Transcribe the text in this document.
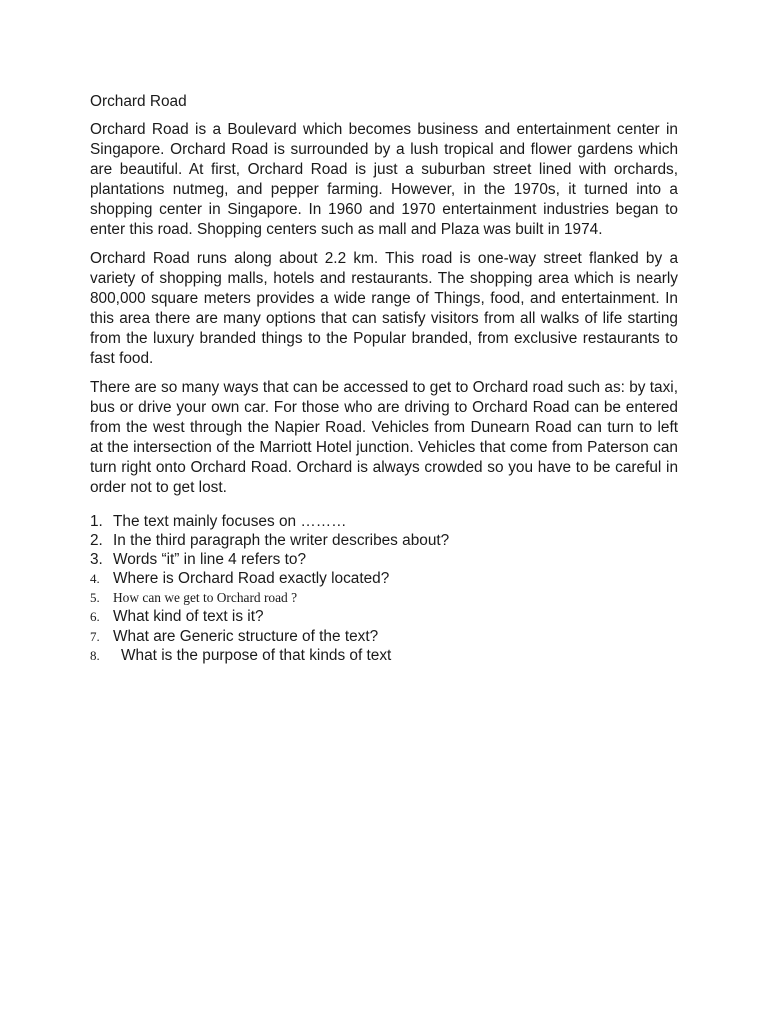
Orchard Road

Orchard Road is a Boulevard which becomes business and entertainment center in Singapore. Orchard Road is surrounded by a lush tropical and flower gardens which are beautiful. At first, Orchard Road is just a suburban street lined with orchards, plantations nutmeg, and pepper farming. However, in the 1970s, it turned into a shopping center in Singapore. In 1960 and 1970 entertainment industries began to enter this road. Shopping centers such as mall and Plaza was built in 1974.

Orchard Road runs along about 2.2 km. This road is one-way street flanked by a variety of shopping malls, hotels and restaurants. The shopping area which is nearly 800,000 square meters provides a wide range of Things, food, and entertainment. In this area there are many options that can satisfy visitors from all walks of life starting from the luxury branded things to the Popular branded, from exclusive restaurants to fast food.

There are so many ways that can be accessed to get to Orchard road such as: by taxi, bus or drive your own car. For those who are driving to Orchard Road can be entered from the west through the Napier Road. Vehicles from Dunearn Road can turn to left at the intersection of the Marriott Hotel junction. Vehicles that come from Paterson can turn right onto Orchard Road. Orchard is always crowded so you have to be careful in order not to get lost.

1. The text mainly focuses on ………
2. In the third paragraph the writer describes about?
3. Words “it” in line 4 refers to?
4. Where is Orchard Road exactly located?
5. How can we get to Orchard road ?
6. What kind of text is it?
7. What are Generic structure of the text?
8.	What is the purpose of that kinds of text
